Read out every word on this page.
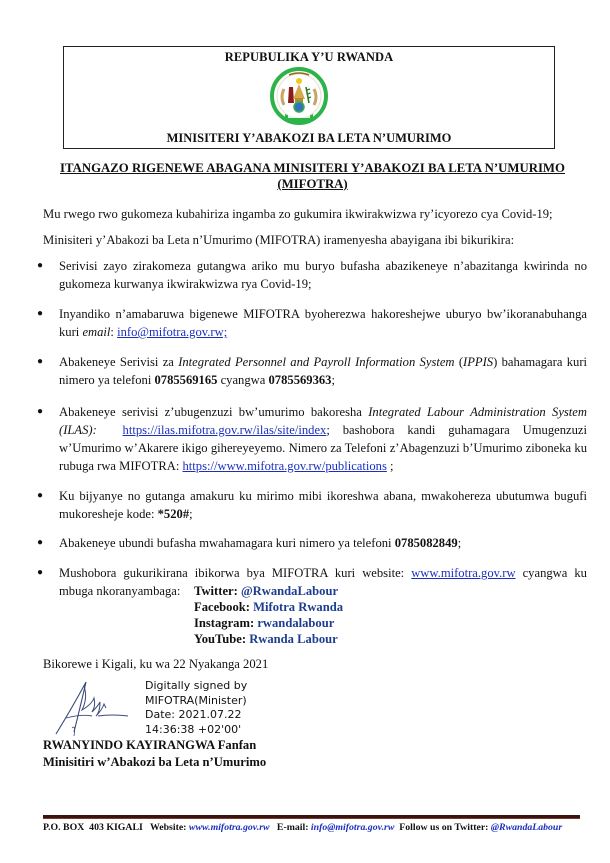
REPUBULIKA Y’U RWANDA
MINISITERI Y’ABAKOZI BA LETA N’UMURIMO
ITANGAZO RIGENEWE ABAGANA MINISITERI Y’ABAKOZI BA LETA N’UMURIMO
(MIFOTRA)
Mu rwego rwo gukomeza kubahiriza ingamba zo gukumira ikwirakwizwa ry’icyorezo cya Covid-19;
Minisiteri y’Abakozi ba Leta n’Umurimo (MIFOTRA) iramenyesha abayigana ibi bikurikira:
●	Serivisi zayo zirakomeza gutangwa ariko mu buryo bufasha abazikeneye n’abazitanga kwirinda no gukomeza kurwanya ikwirakwizwa rya Covid-19;
●	Inyandiko n’amabaruwa bigenewe MIFOTRA byoherezwa hakoreshejwe uburyo bw’ikoranabuhanga kuri email: info@mifotra.gov.rw;
●	Abakeneye Serivisi za Integrated Personnel and Payroll Information System (IPPIS) bahamagara kuri nimero ya telefoni 0785569165 cyangwa 0785569363;
●	Abakeneye serivisi z’ubugenzuzi bw’umurimo bakoresha Integrated Labour Administration System (ILAS): https://ilas.mifotra.gov.rw/ilas/site/index; bashobora kandi guhamagara Umugenzuzi w’Umurimo w’Akarere ikigo gihereyeyemo. Nimero za Telefoni z’Abagenzuzi b’Umurimo ziboneka ku rubuga rwa MIFOTRA: https://www.mifotra.gov.rw/publications ;
●	Ku bijyanye no gutanga amakuru ku mirimo mibi ikoreshwa abana, mwakohereza ubutumwa bugufi mukoresheje kode: *520#;
●	Abakeneye ubundi bufasha mwahamagara kuri nimero ya telefoni 0785082849;
●	Mushobora gukurikirana ibikorwa bya MIFOTRA kuri website: www.mifotra.gov.rw cyangwa ku mbuga nkoranyambaga:	Twitter: @RwandaLabour
Facebook: Mifotra Rwanda
Instagram: rwandalabour
YouTube: Rwanda Labour
Bikorewe i Kigali, ku wa 22 Nyakanga 2021
Digitally signed by
MIFOTRA(Minister)
Date: 2021.07.22
14:36:38 +02'00'
RWANYINDO KAYIRANGWA Fanfan
Minisitiri w’Abakozi ba Leta n’Umurimo
P.O. BOX  403 KIGALI   Website: www.mifotra.gov.rw   E-mail: info@mifotra.gov.rw  Follow us on Twitter: @RwandaLabour
